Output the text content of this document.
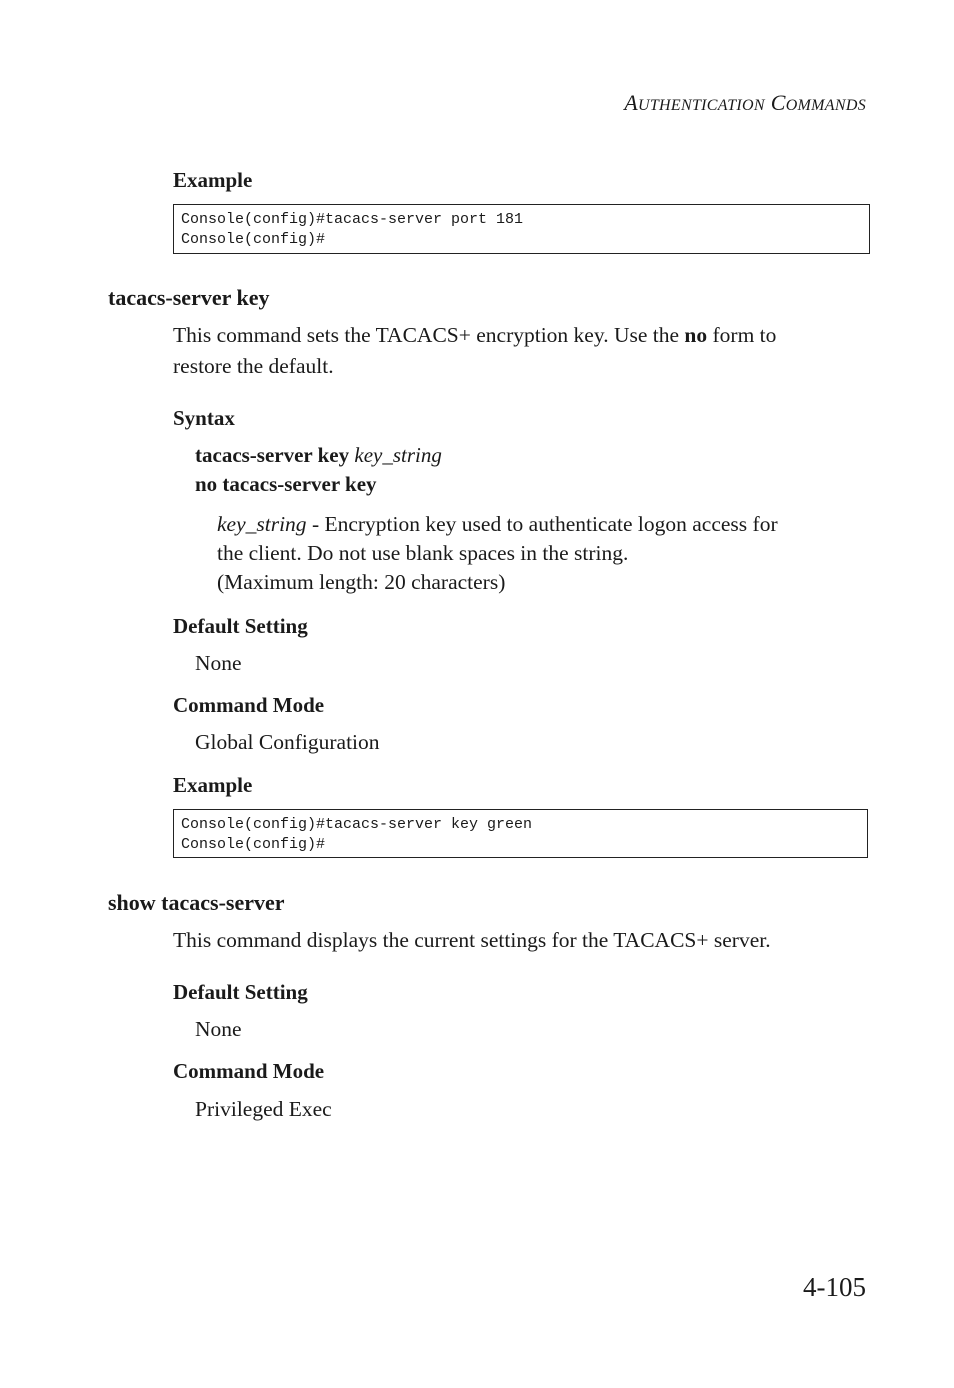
AUTHENTICATION COMMANDS
Example
Console(config)#tacacs-server port 181
Console(config)#
tacacs-server key
This command sets the TACACS+ encryption key. Use the no form to
restore the default.
Syntax
tacacs-server key key_string
no tacacs-server key
key_string - Encryption key used to authenticate logon access for
the client. Do not use blank spaces in the string.
(Maximum length: 20 characters)
Default Setting
None
Command Mode
Global Configuration
Example
Console(config)#tacacs-server key green
Console(config)#
show tacacs-server
This command displays the current settings for the TACACS+ server.
Default Setting
None
Command Mode
Privileged Exec
4-105
